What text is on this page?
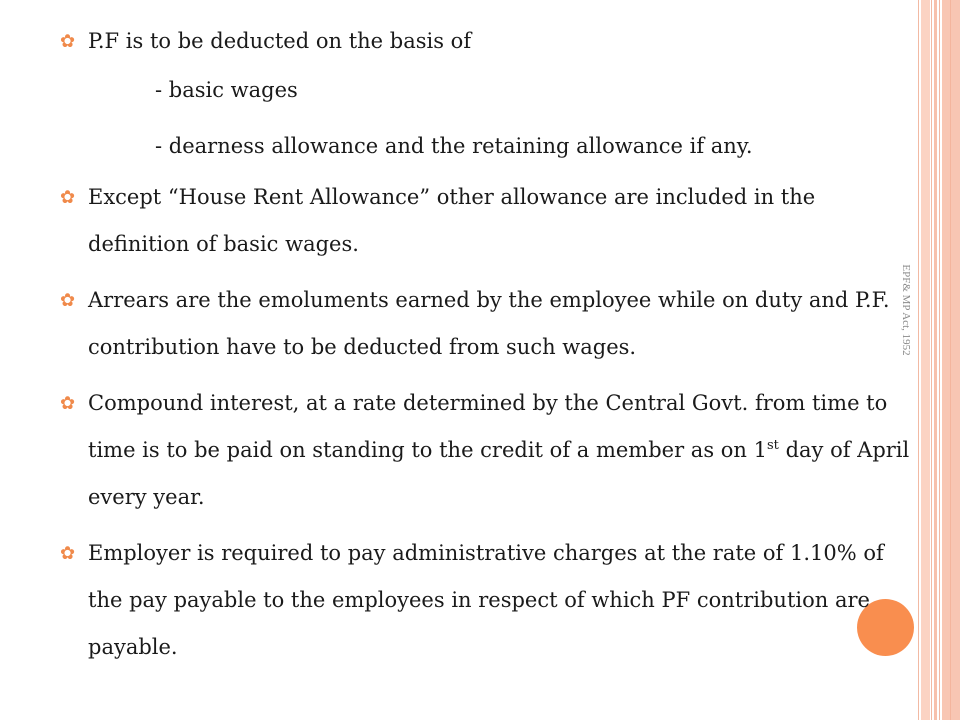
EPF& MP Act, 1952
✿ P.F is to be deducted on the basis of
- basic wages
- dearness allowance and the retaining allowance if any.
✿ Except “House Rent Allowance” other allowance are included in the definition of basic wages.
✿ Arrears are the emoluments earned by the employee while on duty and P.F. contribution have to be deducted from such wages.
✿ Compound interest, at a rate determined by the Central Govt. from time to time is to be paid on standing to the credit of a member as on 1st day of April every year.
✿ Employer is required to pay administrative charges at the rate of 1.10% of the pay payable to the employees in respect of which PF contribution are payable.
